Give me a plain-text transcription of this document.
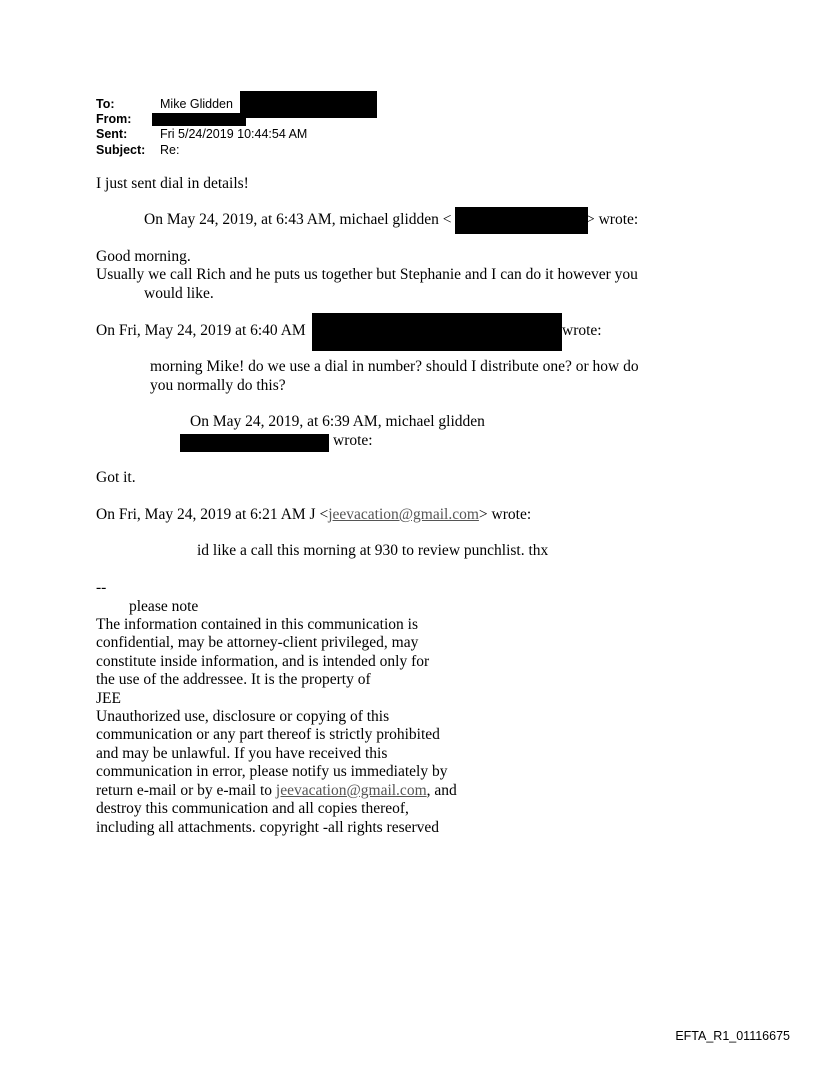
To:	Mike Glidden
From:
Sent:	Fri 5/24/2019 10:44:54 AM
Subject: Re:
I just sent dial in details!
On May 24, 2019, at 6:43 AM, michael glidden <	> wrote:
Good morning.
Usually we call Rich and he puts us together but Stephanie and I can do it however you
would like.
On Fri, May 24, 2019 at 6:40 AM	wrote:
morning Mike! do we use a dial in number? should I distribute one? or how do
you normally do this?
On May 24, 2019, at 6:39 AM, michael glidden
wrote:
Got it.
On Fri, May 24, 2019 at 6:21 AM J <jeevacation@gmail.com> wrote:
id like a call this morning at 930 to review punchlist. thx
--
please note
The information contained in this communication is
confidential, may be attorney-client privileged, may
constitute inside information, and is intended only for
the use of the addressee. It is the property of
JEE
Unauthorized use, disclosure or copying of this
communication or any part thereof is strictly prohibited
and may be unlawful. If you have received this
communication in error, please notify us immediately by
return e-mail or by e-mail to jeevacation@gmail.com, and
destroy this communication and all copies thereof,
including all attachments. copyright -all rights reserved
EFTA_R1_01116675
